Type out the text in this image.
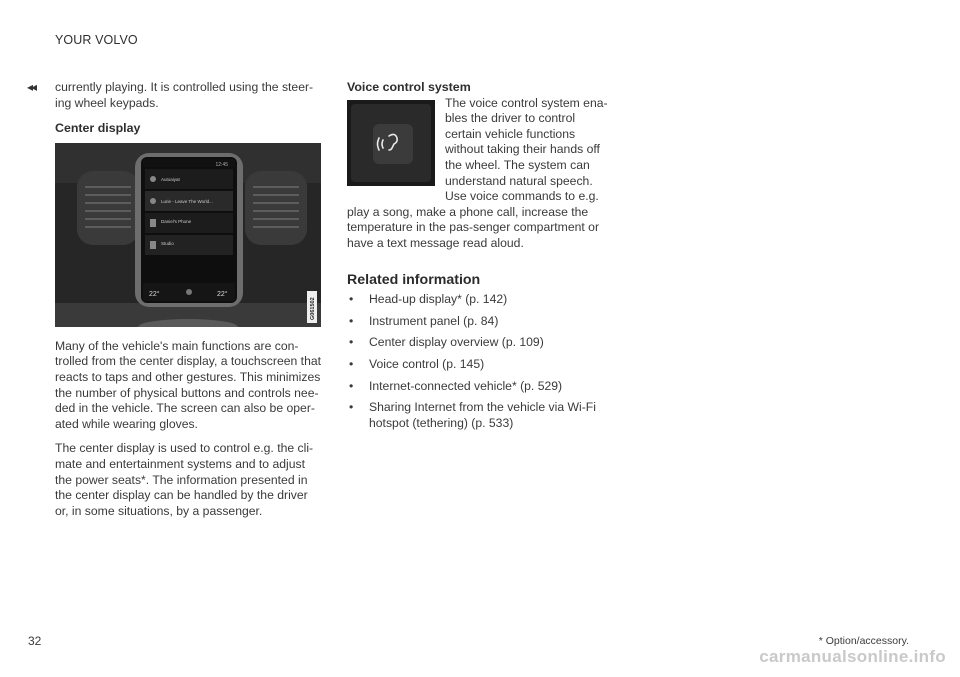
YOUR VOLVO
◂◂ currently playing. It is controlled using the steer-ing wheel keypads.

Center display
12:45
Autoaiyat
Lurie - Leave The World...
Daniel's Phone
Studio
22°	22°
G061502

Many of the vehicle's main functions are con-trolled from the center display, a touchscreen that reacts to taps and other gestures. This minimizes the number of physical buttons and controls nee-ded in the vehicle. The screen can also be oper-ated while wearing gloves.

The center display is used to control e.g. the cli-mate and entertainment systems and to adjust the power seats*. The information presented in the center display can be handled by the driver or, in some situations, by a passenger.

Voice control system

The voice control system ena-bles the driver to control certain vehicle functions without taking their hands off the wheel. The system can understand natural speech. Use voice commands to e.g. play a song, make a phone call, increase the temperature in the pas-senger compartment or have a text message read aloud.

Related information
• Head-up display* (p. 142)
• Instrument panel (p. 84)
• Center display overview (p. 109)
• Voice control (p. 145)
• Internet-connected vehicle* (p. 529)
• Sharing Internet from the vehicle via Wi-Fi hotspot (tethering) (p. 533)
32	* Option/accessory.
carmanualsonline.info
